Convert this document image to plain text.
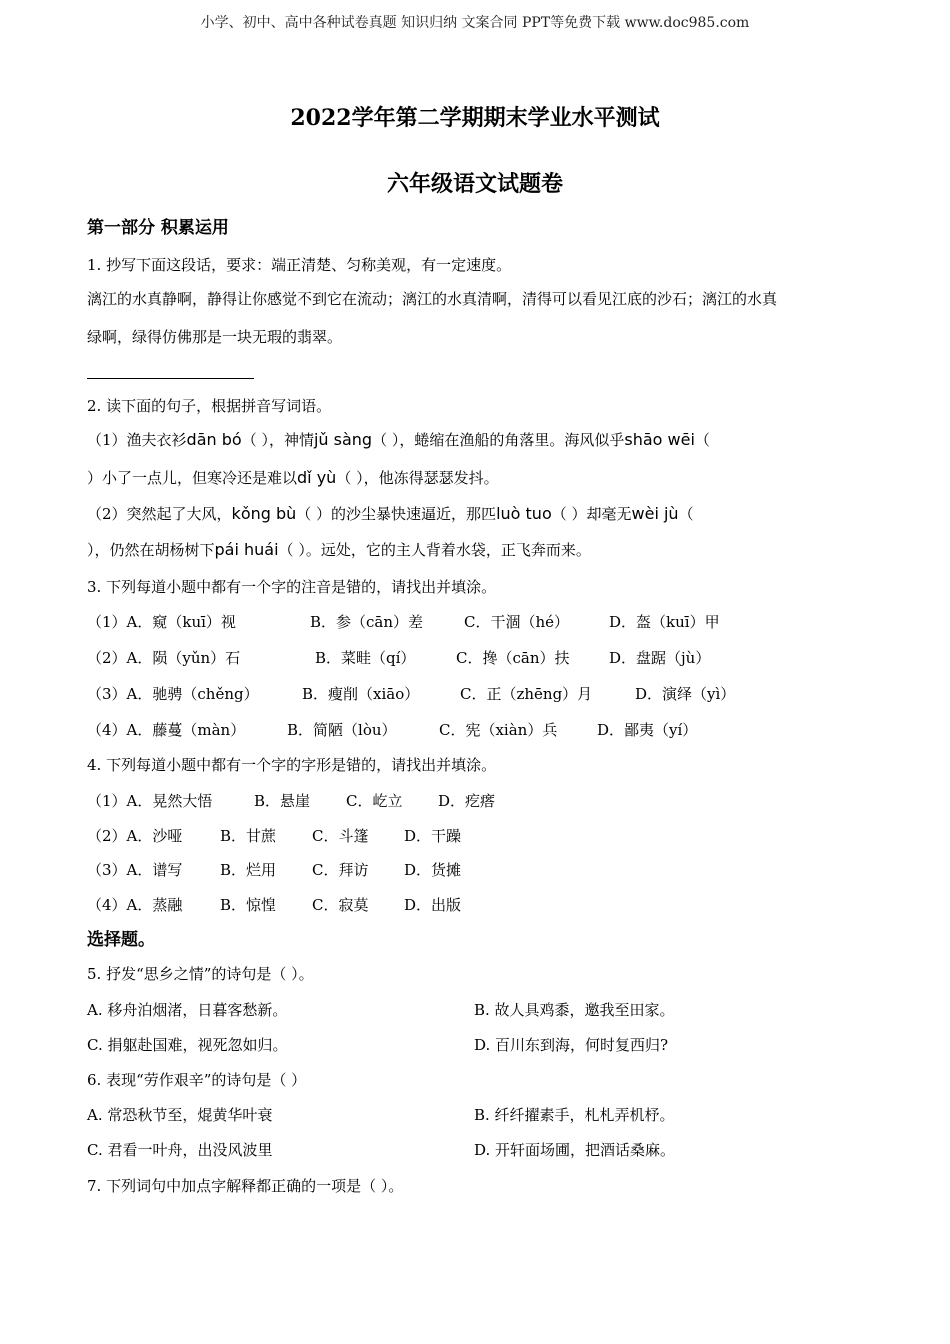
小学、初中、高中各种试卷真题 知识归纳 文案合同 PPT等免费下载 www.doc985.com
2022学年第二学期期末学业水平测试
六年级语文试题卷
第一部分 积累运用
1. 抄写下面这段话，要求：端正清楚、匀称美观，有一定速度。
漓江的水真静啊，静得让你感觉不到它在流动；漓江的水真清啊，清得可以看见江底的沙石；漓江的水真
绿啊，绿得仿佛那是一块无瑕的翡翠。
2. 读下面的句子，根据拼音写词语。
（1）渔夫衣衫dān bó（ ），神情jǔ sàng（ ），蜷缩在渔船的角落里。海风似乎shāo wēi（
）小了一点儿，但寒冷还是难以dǐ yù（ ），他冻得瑟瑟发抖。
（2）突然起了大风，kǒng bù（ ）的沙尘暴快速逼近，那匹luò tuo（ ）却毫无wèi jù（
），仍然在胡杨树下pái huái（ ）。远处，它的主人背着水袋，正飞奔而来。
3. 下列每道小题中都有一个字的注音是错的，请找出并填涂。
（1）A．窥（kuī）视	B．参（cān）差	C．干涸（hé）	D．盔（kuī）甲
（2）A．陨（yǔn）石	B．菜畦（qí）	C．搀（cān）扶	D．盘踞（jù）
（3）A．驰骋（chěng）	B．瘦削（xiāo）	C．正（zhēng）月	D．演绎（yì）
（4）A．藤蔓（màn）	B．简陋（lòu）	C．宪（xiàn）兵	D．鄙夷（yí）
4. 下列每道小题中都有一个字的字形是错的，请找出并填涂。
（1）A．晃然大悟	B．悬崖 C．屹立 D．疙瘩
（2）A．沙哑	B．甘蔗 C．斗篷 D．干躁
（3）A．谱写	B．烂用 C．拜访 D．货摊
（4）A．蒸融	B．惊惶 C．寂莫 D．出版
选择题。
5. 抒发“思乡之情”的诗句是（ ）。
A. 移舟泊烟渚，日暮客愁新。	B. 故人具鸡黍，邀我至田家。
C. 捐躯赴国难，视死忽如归。	D. 百川东到海，何时复西归?
6. 表现“劳作艰辛”的诗句是（ ）
A. 常恐秋节至，焜黄华叶衰	B. 纤纤擢素手，札札弄机杼。
C. 君看一叶舟，出没风波里	D. 开轩面场圃，把酒话桑麻。
7. 下列词句中加点字解释都正确的一项是（ ）。
